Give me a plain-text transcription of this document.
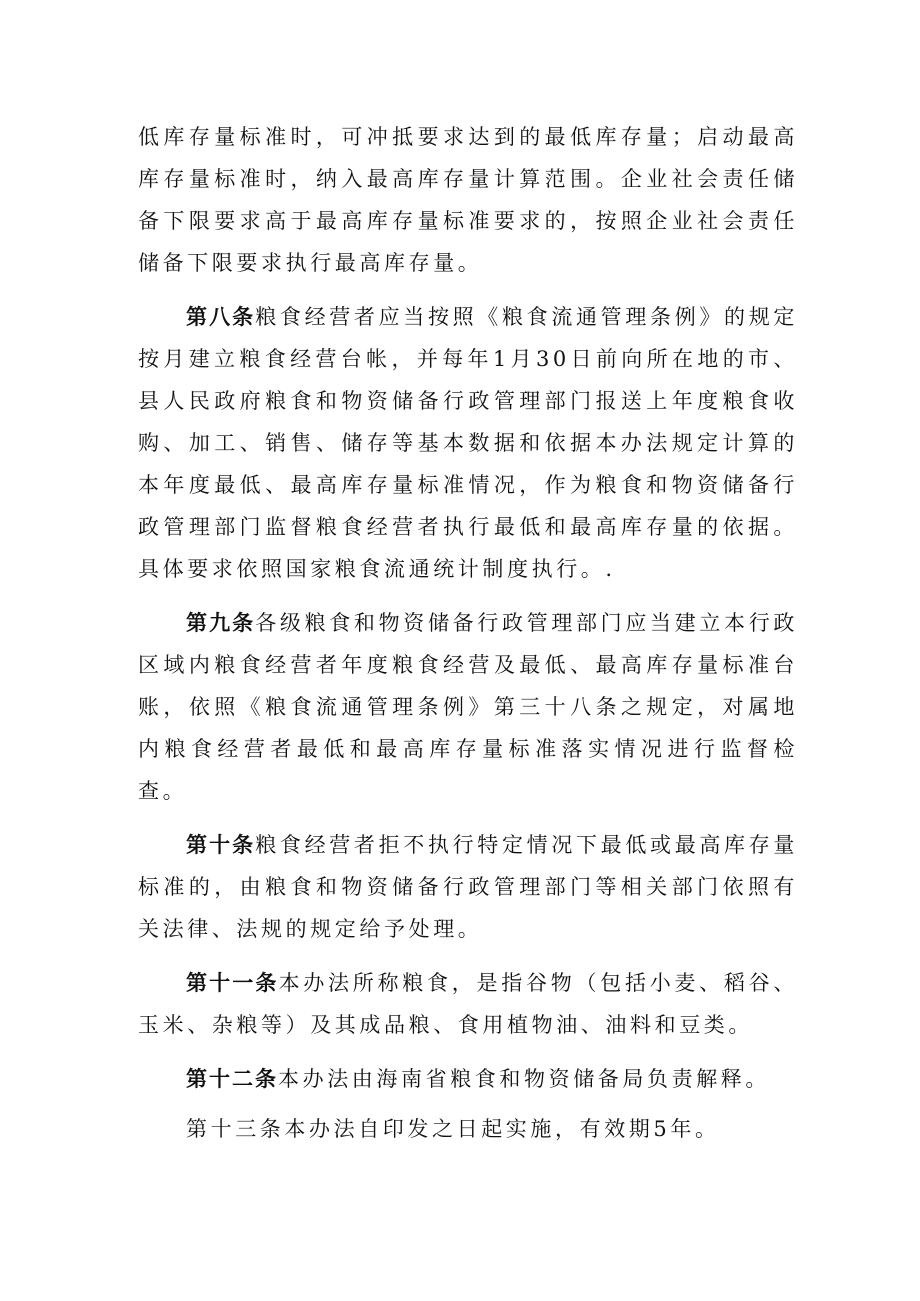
低库存量标准时，可冲抵要求达到的最低库存量；启动最高库存量标准时，纳入最高库存量计算范围。企业社会责任储备下限要求高于最高库存量标准要求的，按照企业社会责任储备下限要求执行最高库存量。

第八条粮食经营者应当按照《粮食流通管理条例》的规定按月建立粮食经营台帐，并每年1月30日前向所在地的市、县人民政府粮食和物资储备行政管理部门报送上年度粮食收购、加工、销售、储存等基本数据和依据本办法规定计算的本年度最低、最高库存量标准情况，作为粮食和物资储备行政管理部门监督粮食经营者执行最低和最高库存量的依据。具体要求依照国家粮食流通统计制度执行。.

第九条各级粮食和物资储备行政管理部门应当建立本行政区域内粮食经营者年度粮食经营及最低、最高库存量标准台账，依照《粮食流通管理条例》第三十八条之规定，对属地内粮食经营者最低和最高库存量标准落实情况进行监督检查。

第十条粮食经营者拒不执行特定情况下最低或最高库存量标准的，由粮食和物资储备行政管理部门等相关部门依照有关法律、法规的规定给予处理。

第十一条本办法所称粮食，是指谷物（包括小麦、稻谷、玉米、杂粮等）及其成品粮、食用植物油、油料和豆类。

第十二条本办法由海南省粮食和物资储备局负责解释。

第十三条本办法自印发之日起实施，有效期5年。
